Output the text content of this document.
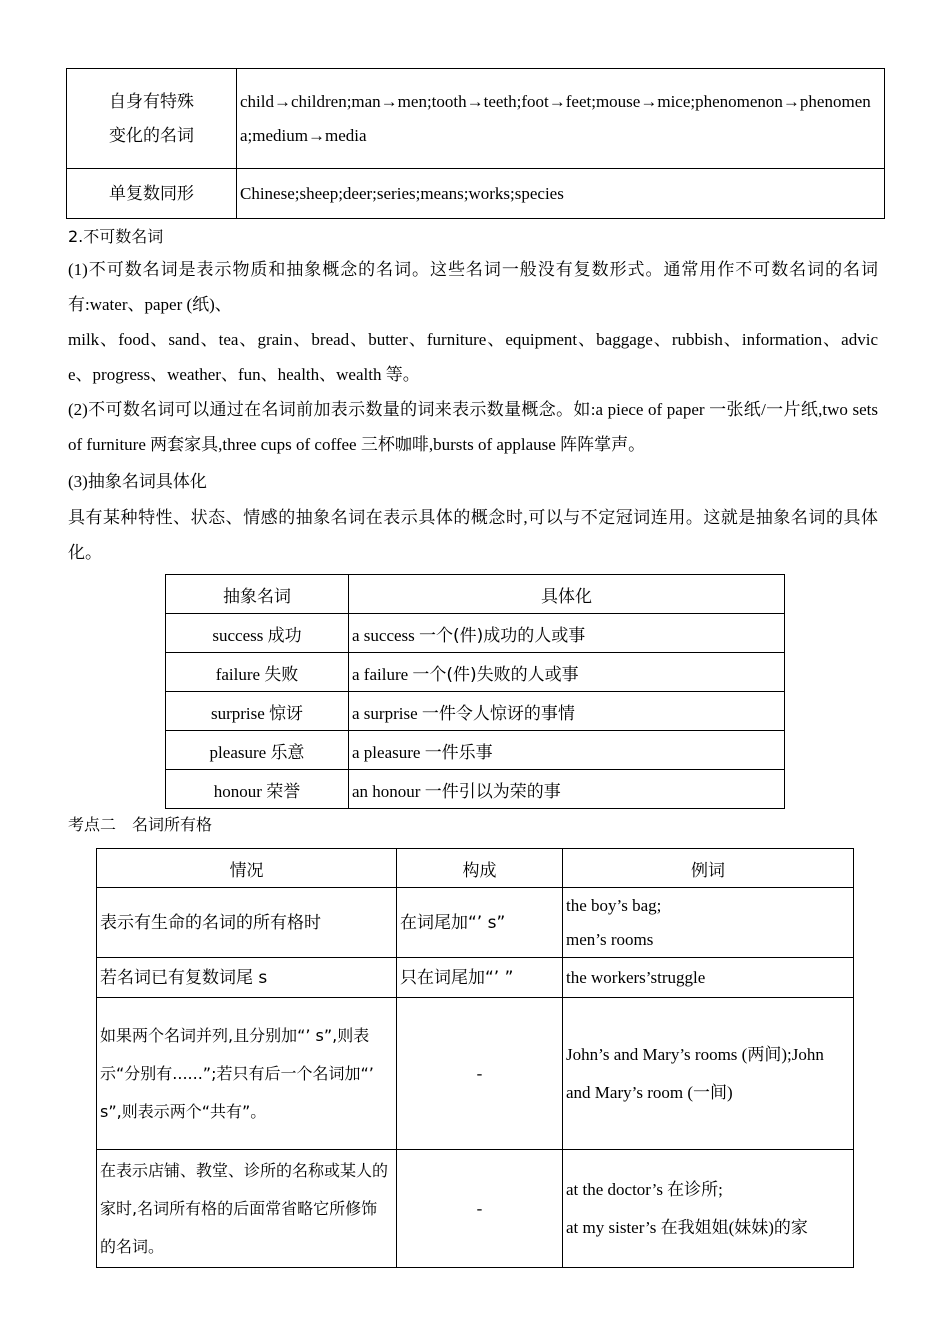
自身有特殊
变化的名词	child→children;man→men;tooth→teeth;foot→feet;mouse→mice;phenomenon→phenomena;medium→media
单复数同形	Chinese;sheep;deer;series;means;works;species
2.不可数名词
(1)不可数名词是表示物质和抽象概念的名词。这些名词一般没有复数形式。通常用作不可数名词的名词有:water、paper (纸)、
milk、food、sand、tea、grain、bread、butter、furniture、equipment、baggage、rubbish、information、advice、progress、weather、fun、health、wealth 等。
(2)不可数名词可以通过在名词前加表示数量的词来表示数量概念。如:a piece of paper 一张纸/一片纸,two sets of furniture 两套家具,three cups of coffee 三杯咖啡,bursts of applause 阵阵掌声。
(3)抽象名词具体化
具有某种特性、状态、情感的抽象名词在表示具体的概念时,可以与不定冠词连用。这就是抽象名词的具体化。
抽象名词	具体化
success 成功	a success 一个(件)成功的人或事
failure 失败	a failure 一个(件)失败的人或事
surprise 惊讶	a surprise 一件令人惊讶的事情
pleasure 乐意	a pleasure 一件乐事
honour 荣誉	an honour 一件引以为荣的事
考点二　名词所有格
情况	构成	例词
表示有生命的名词的所有格时	在词尾加“’ s”	the boy’s bag;
men’s rooms

若名词已有复数词尾 s	只在词尾加“’ ”	the workers’struggle
如果两个名词并列,且分别加“’ s”,则表示“分别有......”;若只有后一个名词加“’ s”,则表示两个“共有”。	-	John’s and Mary’s rooms (两间);John and Mary’s room (一间)
在表示店铺、教堂、诊所的名称或某人的家时,名词所有格的后面常省略它所修饰的名词。	-	at the doctor’s 在诊所;
at my sister’s 在我姐姐(妹妹)的家
